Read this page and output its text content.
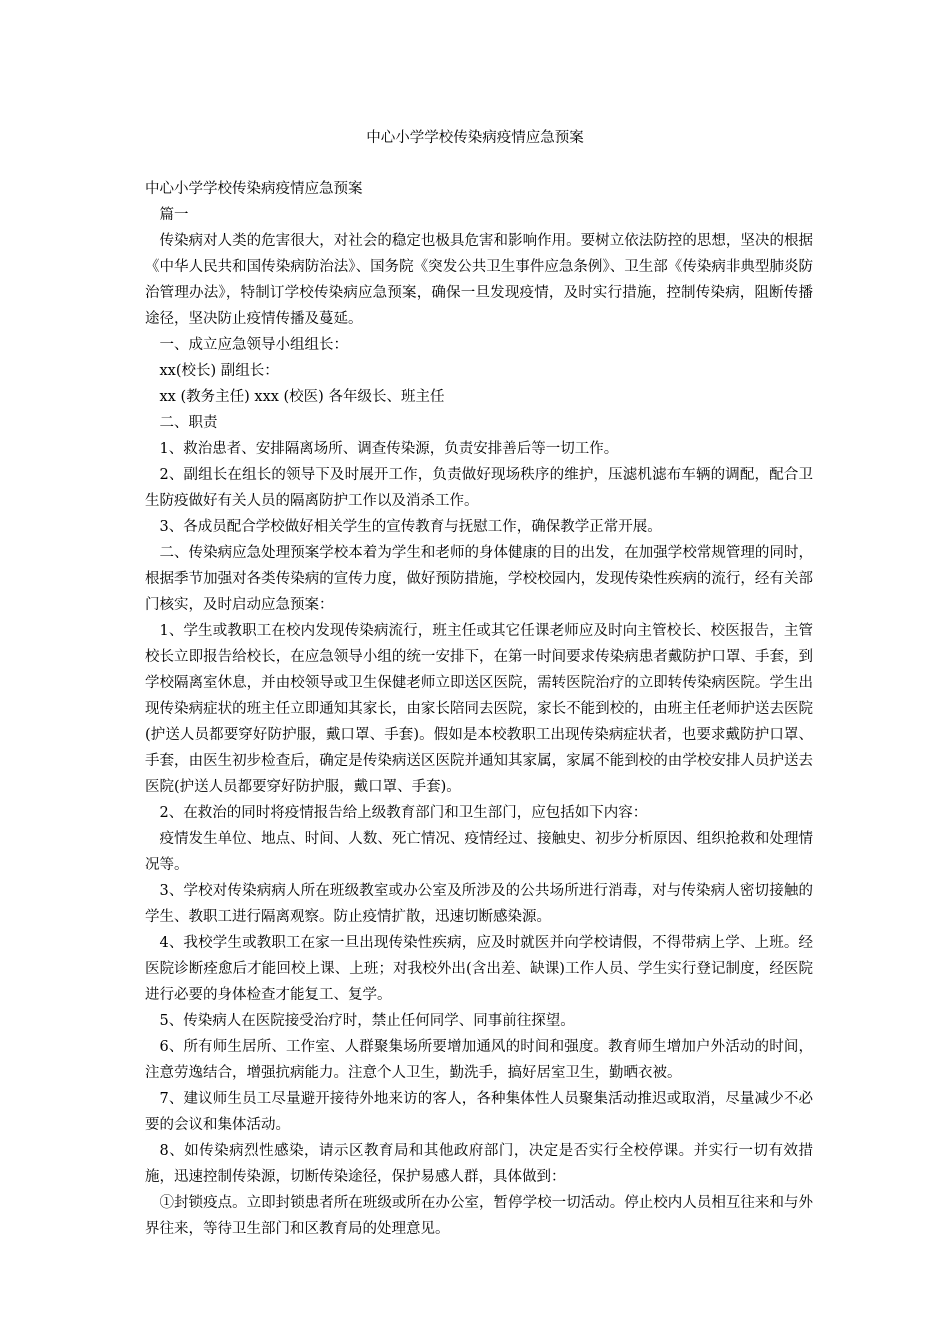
中心小学学校传染病疫情应急预案

中心小学学校传染病疫情应急预案

篇一

传染病对人类的危害很大，对社会的稳定也极具危害和影响作用。要树立依法防控的思想，坚决的根据《中华人民共和国传染病防治法》、国务院《突发公共卫生事件应急条例》、卫生部《传染病非典型肺炎防治管理办法》，特制订学校传染病应急预案，确保一旦发现疫情，及时实行措施，控制传染病，阻断传播途径，坚决防止疫情传播及蔓延。

一、成立应急领导小组组长：

xx(校长) 副组长：

xx (教务主任) xxx (校医) 各年级长、班主任

二、职责

1、救治患者、安排隔离场所、调查传染源，负责安排善后等一切工作。

2、副组长在组长的领导下及时展开工作，负责做好现场秩序的维护，压滤机滤布车辆的调配，配合卫生防疫做好有关人员的隔离防护工作以及消杀工作。

3、各成员配合学校做好相关学生的宣传教育与抚慰工作，确保教学正常开展。

二、传染病应急处理预案学校本着为学生和老师的身体健康的目的出发，在加强学校常规管理的同时，根据季节加强对各类传染病的宣传力度，做好预防措施，学校校园内，发现传染性疾病的流行，经有关部门核实，及时启动应急预案：

1、学生或教职工在校内发现传染病流行，班主任或其它任课老师应及时向主管校长、校医报告，主管校长立即报告给校长，在应急领导小组的统一安排下，在第一时间要求传染病患者戴防护口罩、手套，到学校隔离室休息，并由校领导或卫生保健老师立即送区医院，需转医院治疗的立即转传染病医院。学生出现传染病症状的班主任立即通知其家长，由家长陪同去医院，家长不能到校的，由班主任老师护送去医院(护送人员都要穿好防护服，戴口罩、手套)。假如是本校教职工出现传染病症状者，也要求戴防护口罩、手套，由医生初步检查后，确定是传染病送区医院并通知其家属，家属不能到校的由学校安排人员护送去医院(护送人员都要穿好防护服，戴口罩、手套)。

2、在救治的同时将疫情报告给上级教育部门和卫生部门，应包括如下内容：

疫情发生单位、地点、时间、人数、死亡情况、疫情经过、接触史、初步分析原因、组织抢救和处理情况等。

3、学校对传染病病人所在班级教室或办公室及所涉及的公共场所进行消毒，对与传染病人密切接触的学生、教职工进行隔离观察。防止疫情扩散，迅速切断感染源。

4、我校学生或教职工在家一旦出现传染性疾病，应及时就医并向学校请假，不得带病上学、上班。经医院诊断痊愈后才能回校上课、上班；对我校外出(含出差、缺课)工作人员、学生实行登记制度，经医院进行必要的身体检查才能复工、复学。

5、传染病人在医院接受治疗时，禁止任何同学、同事前往探望。

6、所有师生居所、工作室、人群聚集场所要增加通风的时间和强度。教育师生增加户外活动的时间，注意劳逸结合，增强抗病能力。注意个人卫生，勤洗手，搞好居室卫生，勤晒衣被。

7、建议师生员工尽量避开接待外地来访的客人，各种集体性人员聚集活动推迟或取消，尽量减少不必要的会议和集体活动。

8、如传染病烈性感染，请示区教育局和其他政府部门，决定是否实行全校停课。并实行一切有效措施，迅速控制传染源，切断传染途径，保护易感人群，具体做到：

①封锁疫点。立即封锁患者所在班级或所在办公室，暂停学校一切活动。停止校内人员相互往来和与外界往来，等待卫生部门和区教育局的处理意见。
